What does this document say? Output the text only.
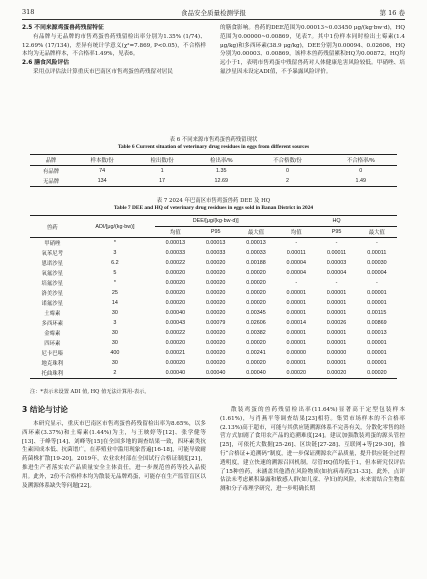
318	食品安全质量检测学报	第 16 卷
2.5 不同来源鸡蛋兽药残留特征

有品牌与无品牌的市售鸡蛋兽药残留检出率分别为1.35% (1/74)、12.69% (17/134)，差异有统计学意义(χ²=7.869, P<0.05)，不合格样本均为无品牌样本，不合格率1.49%，见表6。

2.6 膳食风险评估

采用点评估法计算重庆市巴南区市售鸡蛋兽药残留对居民

的膳食影响。兽药的DEE范围为0.00013~0.03450 μg/(kg·bw·d)，HQ范围为0.00000~0.00869，见表7。其中1份样本同时检出土霉素(1.4 μg/kg)和多西环素(38.9 μg/kg)，DEE分别为0.00094、0.02606，HQ分别为0.00003、0.00869，该样本兽药残留累积HQ为0.00872。HQ均远小于1，表明市售鸡蛋中残留兽药对人体健康危害风险较低。甲硝唑、培氟沙星因未设定ADI值，不予暴露风险评价。

表 6 不同来源市售鸡蛋兽药残留现状
Table 6 Current situation of veterinary drug residues in eggs from different sources
品牌	样本数/份	检出数/份	检出率/%	不合格数/份	不合格率/%
有品牌	74	1	1.35	0	0
无品牌	134	17	12.69	2	1.49
表 7 2024 年巴南区市售鸡蛋兽药 DEE 及 HQ
Table 7 DEE and HQ of veterinary drug residues in eggs sold in Banan District in 2024
兽药	ADI/[μg/(kg·bw)]	DEE/[μg/(kg·bw·d)]			HQ		
		均值	P95	最大值	均值	P95	最大值
甲硝唑	*	0.00013	0.00013	0.00013	-	-	-
氧苯尼考	3	0.00033	0.00033	0.00033	0.00011	0.00011	0.00011
恩诺沙星	6.2	0.00022	0.00020	0.00188	0.00004	0.00003	0.00030
氧氟沙星	5	0.00020	0.00020	0.00020	0.00004	0.00004	0.00004
培氟沙星	*	0.00020	0.00020	0.00020	-	-	-
洛美沙星	25	0.00020	0.00020	0.00020	0.00001	0.00001	0.00001
诺氟沙星	14	0.00020	0.00020	0.00020	0.00001	0.00001	0.00001
土霉素	30	0.00040	0.00020	0.00345	0.00001	0.00001	0.00115
多西环素	3	0.00043	0.00079	0.02606	0.00014	0.00026	0.00869
金霉素	30	0.00022	0.00020	0.00382	0.00001	0.00001	0.00013
四环素	30	0.00020	0.00020	0.00020	0.00001	0.00001	0.00001
尼卡巴嗪	400	0.00021	0.00020	0.00241	0.00000	0.00000	0.00001
地克珠利	30	0.00020	0.00020	0.00020	0.00001	0.00001	0.00001
托曲珠利	2	0.00040	0.00040	0.00040	0.00020	0.00020	0.00020
注：*表示未设置 ADI 值, HQ 值无法计算用-表示。
3 结论与讨论

本研究显示，重庆市巴南区市售鸡蛋兽药残留检出率为8.65%，以多西环素(3.37%)和土霉素(1.44%)为主，与王映婷等[12]、张学健等[13]、于峰等[14]、刘峰等[15]在全国多地的调查结果一致，四环素类抗生素因成本低、抗菌谱广，在养殖业中滥用现象普遍[16-18]，可能导致耐药菌株扩散[19-20]。2019年，农业农村部在全国试行合格证制度[21]，推进生产者落实农产品质量安全主体责任，进一步规范兽药等投入品使用。此外，2份不合格样本均为散装无品牌鸡蛋，可能存在生产监管盲区以及溯源体系缺失等问题[22]。

散装鸡蛋的兽药残留检出率(11.64%)显著高于定型包装样本(1.61%)，与肖燕平等调查结果[23]相符。集贸市场样本的不合格率(2.13%)高于超市，可能与其供应链溯源体系不完善有关，分散化零售的经营方式加剧了食用农产品的追溯难度[24]。建议加强散装鸡蛋的源头管控[25]，可依托大数据[25-26]、区块链[27-28]、互联网+等[29-30]，推行“合格证+追溯码”制度，进一步保证溯源农产品质量，提升供应链全过程透明度，建立快速的溯源召回机制。尽管HQ值均低于1，但本研究仅评估了15种兽药，未涵盖其他潜在风险物质(如抗病毒药[31-33]、此外，点评估法未考虑累积暴露和敏感人群(如儿童、孕妇)的风险，未来需结合生物监测和分子毒理学研究，进一步明确长期
